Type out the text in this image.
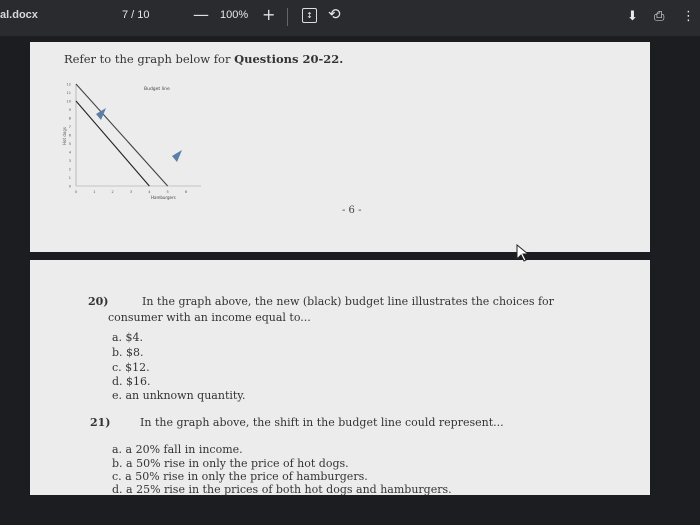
al.docx	7 / 10	— 100% +	↕ ⟲	⬇ ⎙ ⋮
Refer to the graph below for Questions 20-22.
Hot dogs
12
11
10
9
8
7
6
5
4
3
2
1
0
0	1	2	3	4	5	6
Budget line
Hamburgers
- 6 -
20)	In the graph above, the new (black) budget line illustrates the choices for
consumer with an income equal to...
a. $4.
b. $8.
c. $12.
d. $16.
e. an unknown quantity.
21)	In the graph above, the shift in the budget line could represent...
a. a 20% fall in income.
b. a 50% rise in only the price of hot dogs.
c. a 50% rise in only the price of hamburgers.
d. a 25% rise in the prices of both hot dogs and hamburgers.
